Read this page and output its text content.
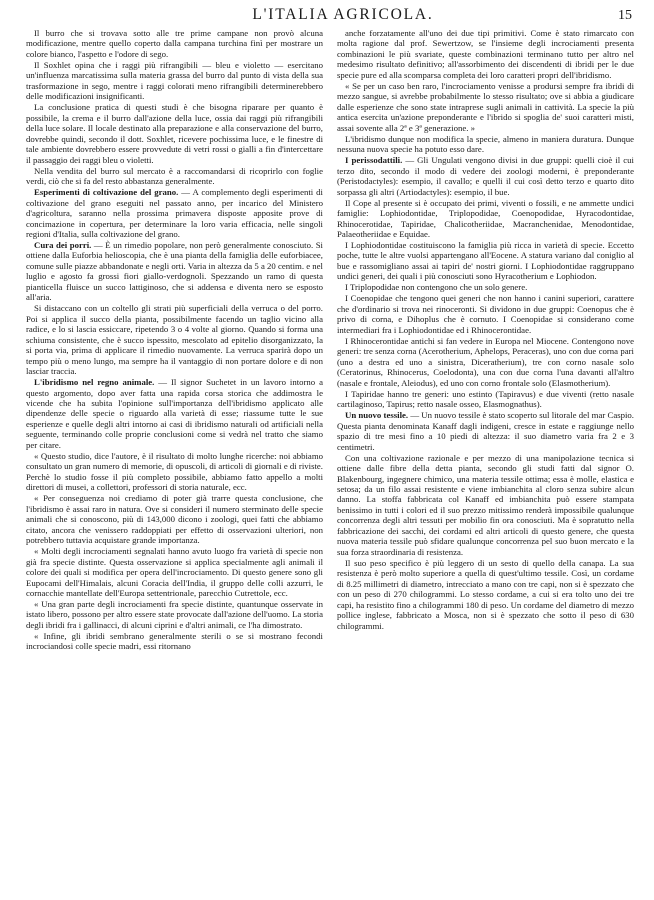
L'ITALIA AGRICOLA.	15

Il burro che si trovava sotto alle tre prime campane non provò alcuna modificazione, mentre quello coperto dalla campana turchina finì per mostrare un colore bianco, l'aspetto e l'odore di sego.

Il Soxhlet opina che i raggi più rifrangibili — bleu e violetto — esercitano un'influenza marcatissima sulla materia grassa del burro dal punto di vista della sua trasformazione in sego, mentre i raggi colorati meno rifrangibili determinerebbero delle modificazioni insignificanti.

La conclusione pratica di questi studi è che bisogna riparare per quanto è possibile, la crema e il burro dall'azione della luce, ossia dai raggi più rifrangibili della luce solare. Il locale destinato alla preparazione e alla conservazione del burro, dovrebbe quindi, secondo il dott. Soxhlet, ricevere pochissima luce, e le finestre di tale ambiente dovrebbero essere provvedute di vetri rossi o gialli a fin d'intercettare il passaggio dei raggi bleu o violetti.

Nella vendita del burro sul mercato è a raccomandarsi di ricoprirlo con foglie verdi, ciò che si fa del resto abbastanza generalmente.

Esperimenti di coltivazione del grano. — A complemento degli esperimenti di coltivazione del grano eseguiti nel passato anno, per incarico del Ministero d'agricoltura, saranno nella prossima primavera disposte apposite prove di concimazione in copertura, per determinare la loro varia efficacia, nelle singoli regioni d'Italia, sulla coltivazione del grano.

Cura dei porri. — È un rimedio popolare, non però generalmente conosciuto. Si ottiene dalla Euforbia helioscopia, che è una pianta della famiglia delle euforbiacee, comune sulle piazze abbandonate e negli orti. Varia in altezza da 5 a 20 centim. e nel luglio e agosto fa grossi fiori giallo-verdognoli. Spezzando un ramo di questa pianticella fluisce un succo lattiginoso, che si addensa e diventa nero se esposto all'aria.

Si distaccano con un coltello gli strati più superficiali della verruca o del porro. Poi si applica il succo della pianta, possibilmente facendo un taglio vicino alla radice, e lo si lascia essiccare, ripetendo 3 o 4 volte al giorno. Quando si forma una schiuma consistente, che è succo ispessito, mescolato ad epitelio disorganizzato, la si porta via, prima di applicare il rimedio nuovamente. La verruca sparirà dopo un tempo più o meno lungo, ma sempre ha il vantaggio di non portare dolore e di non lasciar traccia.

L'ibridismo nel regno animale. — Il signor Suchetet in un lavoro intorno a questo argomento, dopo aver fatta una rapida corsa storica che addimostra le vicende che ha subita l'opinione sull'importanza dell'ibridismo applicato alle dipendenze delle specie o riguardo alla varietà di esse; riassume tutte le sue esperienze e quelle degli altri intorno ai casi di ibridismo naturali od artificiali nella seguente, terminando colle proprie conclusioni come si vedrà nel tratto che siamo per citare.

« Questo studio, dice l'autore, è il risultato di molto lunghe ricerche: noi abbiamo consultato un gran numero di memorie, di opuscoli, di articoli di giornali e di riviste. Perchè lo studio fosse il più completo possibile, abbiamo fatto appello a molti direttori di musei, a collettori, professori di storia naturale, ecc.

« Per conseguenza noi crediamo di poter già trarre questa conclusione, che l'ibridismo è assai raro in natura. Ove si consideri il numero sterminato delle specie animali che si conoscono, più di 143,000 dicono i zoologi, quei fatti che abbiamo citato, ancora che venissero raddoppiati per effetto di osservazioni ulteriori, non potrebbero tuttavia acquistare grande importanza.

« Molti degli incrociamenti segnalati hanno avuto luogo fra varietà di specie non già fra specie distinte. Questa osservazione si applica specialmente agli animali il colore dei quali si modifica per opera dell'incrociamento. Di questo genere sono gli Eupocami dell'Himalais, alcuni Coracia dell'India, il gruppo delle colli azzurri, le cornacchie mantellate dell'Europa settentrionale, parecchio Cutrettole, ecc.

« Una gran parte degli incrociamenti fra specie distinte, quantunque osservate in istato libero, possono per altro essere state provocate dall'azione dell'uomo. La storia degli ibridi fra i gallinacci, di alcuni ciprini e d'altri animali, ce l'ha dimostrato.

« Infine, gli ibridi sembrano generalmente sterili o se si mostrano fecondi incrociandosi colle specie madri, essi ritornano

anche forzatamente all'uno dei due tipi primitivi. Come è stato rimarcato con molta ragione dal prof. Sewertzow, se l'insieme degli incrociamenti presenta combinazioni le più svariate, queste combinazioni terminano tutto per altro nel medesimo risultato definitivo; all'assorbimento dei discendenti di ibridi per le due specie pure ed alla scomparsa completa dei loro caratteri propri dell'ibridismo.

« Se per un caso ben raro, l'incrociamento venisse a prodursi sempre fra ibridi di mezzo sangue, si avrebbe probabilmente lo stesso risultato; ove si abbia a giudicare dalle esperienze che sono state intraprese sugli animali in cattività. La specie la più antica esercita un'azione preponderante e l'ibrido si spoglia de' suoi caratteri misti, assai sovente alla 2ª e 3ª generazione. »

L'ibridismo dunque non modifica la specie, almeno in maniera duratura. Dunque nessuna nuova specie ha potuto esso dare.

I perissodattili. — Gli Ungulati vengono divisi in due gruppi: quelli cioè il cui terzo dito, secondo il modo di vedere dei zoologi moderni, è preponderante (Peristodactyles): esempio, il cavallo; e quelli il cui così detto terzo e quarto dito sorpassa gli altri (Artiodactyles): esempio, il bue.

Il Cope al presente si è occupato dei primi, viventi o fossili, e ne ammette undici famiglie: Lophiodontidae, Triplopodidae, Coenopodidae, Hyracodontidae, Rhinocerotidae, Tapiridae, Chalicotheriidae, Macranchenidae, Menodontidae, Palaeotheriidae e Equidae.

I Lophiodontidae costituiscono la famiglia più ricca in varietà di specie. Eccetto poche, tutte le altre vuolsi appartengano all'Eocene. A statura variano dal coniglio al bue e rassomigliano assai ai tapiri de' nostri giorni. I Lophiodontidae raggruppano undici generi, dei quali i più conosciuti sono Hyracotherium e Lophiodon.

I Triplopodidae non contengono che un solo genere.

I Coenopidae che tengono quei generi che non hanno i canini superiori, carattere che d'ordinario si trova nei rinoceronti. Si dividono in due gruppi: Coenopus che è privo di corna, e Dihoplus che è cornuto. I Coenopidae si considerano come intermediari fra i Lophiodontidae ed i Rhinocerontidae.

I Rhinocerontidae antichi si fan vedere in Europa nel Miocene. Contengono nove generi: tre senza corna (Acerotherium, Aphelops, Peraceras), uno con due corna pari (uno a destra ed uno a sinistra, Diceratherium), tre con corno nasale solo (Ceratorinus, Rhinocerus, Coelodonta), una con due corna l'una davanti all'altro (nasale e frontale, Aleiodus), ed uno con corno frontale solo (Elasmotherium).

I Tapiridae hanno tre generi: uno estinto (Tapiravus) e due viventi (retto nasale cartilaginoso, Tapirus; retto nasale osseo, Elasmognathus).

Un nuovo tessile. — Un nuovo tessile è stato scoperto sul litorale del mar Caspio. Questa pianta denominata Kanaff dagli indigeni, cresce in estate e raggiunge nello spazio di tre mesi fino a 10 piedi di altezza: il suo diametro varia fra 2 e 3 centimetri.

Con una coltivazione razionale e per mezzo di una manipolazione tecnica si ottiene dalle fibre della detta pianta, secondo gli studi fatti dal signor O. Blakenbourg, ingegnere chimico, una materia tessile ottima; essa è molle, elastica e setosa; da un filo assai resistente e viene imbianchita al cloro senza subire alcun danno. La stoffa fabbricata col Kanaff ed imbianchita può essere stampata benissimo in tutti i colori ed il suo prezzo mitissimo renderà impossibile qualunque concorrenza degli altri tessuti per mobilio fin ora conosciuti. Ma è sopratutto nella fabbricazione dei sacchi, dei cordami ed altri articoli di questo genere, che questa nuova materia tessile può sfidare qualunque concorrenza pel suo buon mercato e la sua forza straordinaria di resistenza.

Il suo peso specifico è più leggero di un sesto di quello della canapa. La sua resistenza è però molto superiore a quella di quest'ultimo tessile. Così, un cordame di 8.25 millimetri di diametro, intrecciato a mano con tre capi, non si è spezzato che con un peso di 270 chilogrammi. Lo stesso cordame, a cui si era tolto uno dei tre capi, ha resistito fino a chilogrammi 180 di peso. Un cordame del diametro di mezzo pollice inglese, fabbricato a Mosca, non si è spezzato che sotto il peso di 630 chilogrammi.
